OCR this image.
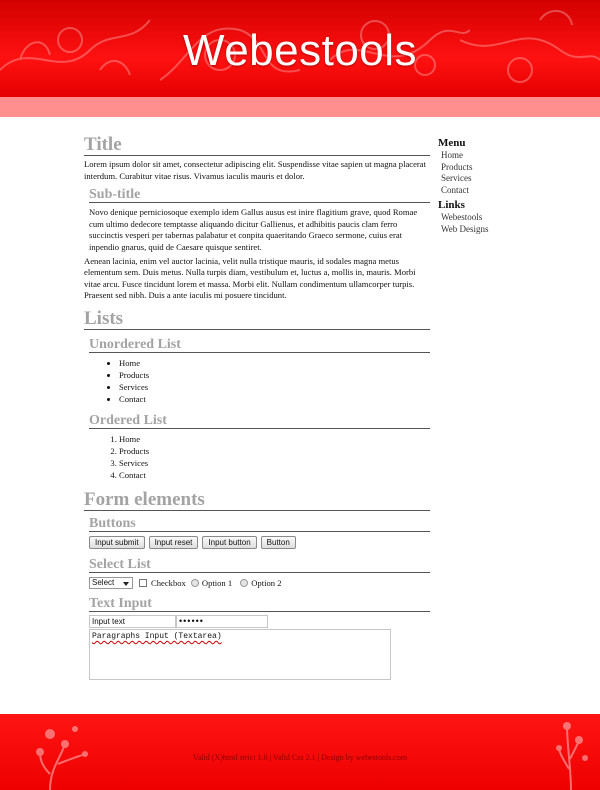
Webestools
Title

Lorem ipsum dolor sit amet, consectetur adipiscing elit. Suspendisse vitae sapien ut magna placerat interdum. Curabitur vitae risus. Vivamus iaculis mauris et dolor.

Sub-title

Novo denique perniciosoque exemplo idem Gallus ausus est inire flagitium grave, quod Romae cum ultimo dedecore temptasse aliquando dicitur Gallienus, et adhibitis paucis clam ferro succinctis vesperi per tabernas palabatur et conpita quaeritando Graeco sermone, cuius erat inpendio gnarus, quid de Caesare quisque sentiret.

Aenean lacinia, enim vel auctor lacinia, velit nulla tristique mauris, id sodales magna metus elementum sem. Duis metus. Nulla turpis diam, vestibulum et, luctus a, mollis in, mauris. Morbi vitae arcu. Fusce tincidunt lorem et massa. Morbi elit. Nullam condimentum ullamcorper turpis. Praesent sed nibh. Duis a ante iaculis mi posuere tincidunt.

Lists
Unordered List
• Home
• Products
• Services
• Contact
Ordered List
1. Home
2. Products
3. Services
4. Contact
Form elements
Buttons
Input submit	Input reset	Input button	Button
Select List
Select	Checkbox Option 1 Option 2
Text Input
Input text	••••••
Paragraphs Input (Textarea)
Menu
Home
Products
Services
Contact
Links
Webestools
Web Designs
Valid (X)html strict 1.0 | Valid Css 2.1 | Design by webestools.com
